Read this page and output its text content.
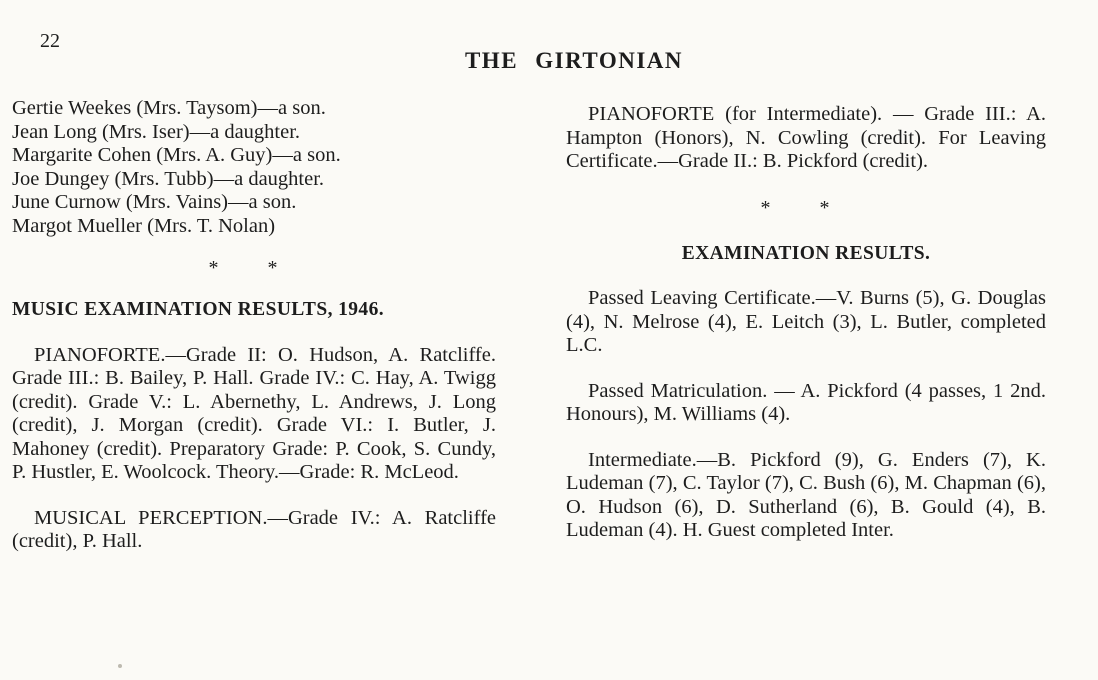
22
THE GIRTONIAN
Gertie Weekes (Mrs. Taysom)—a son.
Jean Long (Mrs. Iser)—a daughter.
Margarite Cohen (Mrs. A. Guy)—a son.
Joe Dungey (Mrs. Tubb)—a daughter.
June Curnow (Mrs. Vains)—a son.
Margot Mueller (Mrs. T. Nolan)
* *
MUSIC EXAMINATION RESULTS, 1946.
PIANOFORTE.—Grade II: O. Hudson, A. Ratcliffe. Grade III.: B. Bailey, P. Hall. Grade IV.: C. Hay, A. Twigg (credit). Grade V.: L. Abernethy, L. Andrews, J. Long (credit), J. Morgan (credit). Grade VI.: I. Butler, J. Mahoney (credit). Preparatory Grade: P. Cook, S. Cundy, P. Hustler, E. Woolcock. Theory.—Grade: R. McLeod.
MUSICAL PERCEPTION.—Grade IV.: A. Ratcliffe (credit), P. Hall.
PIANOFORTE (for Intermediate). — Grade III.: A. Hampton (Honors), N. Cowling (credit). For Leaving Certificate.—Grade II.: B. Pickford (credit).
* *
EXAMINATION RESULTS.
Passed Leaving Certificate.—V. Burns (5), G. Douglas (4), N. Melrose (4), E. Leitch (3), L. Butler, completed L.C.
Passed Matriculation. — A. Pickford (4 passes, 1 2nd. Honours), M. Williams (4).
Intermediate.—B. Pickford (9), G. Enders (7), K. Ludeman (7), C. Taylor (7), C. Bush (6), M. Chapman (6), O. Hudson (6), D. Sutherland (6), B. Gould (4), B. Ludeman (4). H. Guest completed Inter.
